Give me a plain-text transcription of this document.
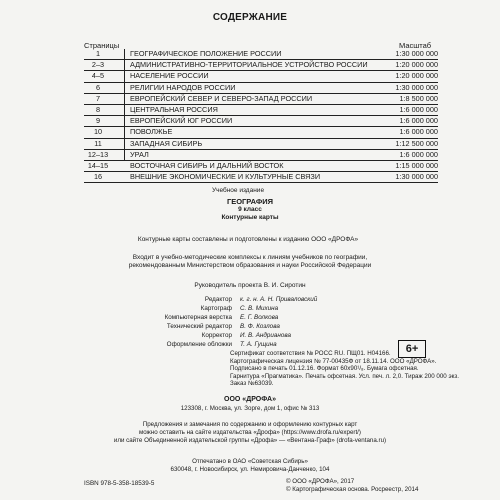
СОДЕРЖАНИЕ
Страницы	Масштаб
1	ГЕОГРАФИЧЕСКОЕ ПОЛОЖЕНИЕ РОССИИ	1:30 000 000
2–3	АДМИНИСТРАТИВНО-ТЕРРИТОРИАЛЬНОЕ УСТРОЙСТВО РОССИИ	1:20 000 000
4–5	НАСЕЛЕНИЕ РОССИИ	1:20 000 000
6	РЕЛИГИИ НАРОДОВ РОССИИ	1:30 000 000
7	ЕВРОПЕЙСКИЙ СЕВЕР И СЕВЕРО-ЗАПАД РОССИИ	1:8 500 000
8	ЦЕНТРАЛЬНАЯ РОССИЯ	1:6 000 000
9	ЕВРОПЕЙСКИЙ ЮГ РОССИИ	1:6 000 000
10	ПОВОЛЖЬЕ	1:6 000 000
11	ЗАПАДНАЯ СИБИРЬ	1:12 500 000
12–13	УРАЛ	1:6 000 000
14–15	ВОСТОЧНАЯ СИБИРЬ И ДАЛЬНИЙ ВОСТОК	1:15 000 000
16	ВНЕШНИЕ ЭКОНОМИЧЕСКИЕ И КУЛЬТУРНЫЕ СВЯЗИ	1:30 000 000
Учебное издание
ГЕОГРАФИЯ
9 класс
Контурные карты
Контурные карты составлены и подготовлены к изданию ООО «ДРОФА»
Входит в учебно-методические комплексы к линиям учебников по географии,
рекомендованным Министерством образования и науки Российской Федерации
Руководитель проекта В. И. Сиротин
Редактор к. г. н. А. Н. Приваловский
Картограф С. В. Михина
Компьютерная верстка Е. Г. Волкова
Технический редактор В. Ф. Козлова
Корректор И. В. Андрианова
Оформление обложки Т. А. Гущина
Сертификат соответствия № РОСС RU. ПЩ01. Н04166.
Картографическая лицензия № 77-00435Ф от 18.11.14. ООО «ДРОФА».
Подписано в печать 01.12.16. Формат 60х90¹/₈. Бумага офсетная.
Гарнитура «Прагматика». Печать офсетная. Усл. печ. л. 2,0. Тираж 200 000 экз.
Заказ №63039.
6+
ООО «ДРОФА»
123308, г. Москва, ул. Зорге, дом 1, офис № 313
Предложения и замечания по содержанию и оформлению контурных карт
можно оставить на сайте издательства «Дрофа» (https://www.drofa.ru/expert/)
или сайте Объединенной издательской группы «Дрофа» — «Вентана-Граф» (drofa-ventana.ru)
Отпечатано в ОАО «Советская Сибирь»
630048, г. Новосибирск, ул. Немировича-Данченко, 104
ISBN 978-5-358-18539-5	© ООО «ДРОФА», 2017
© Картографическая основа. Росреестр, 2014
